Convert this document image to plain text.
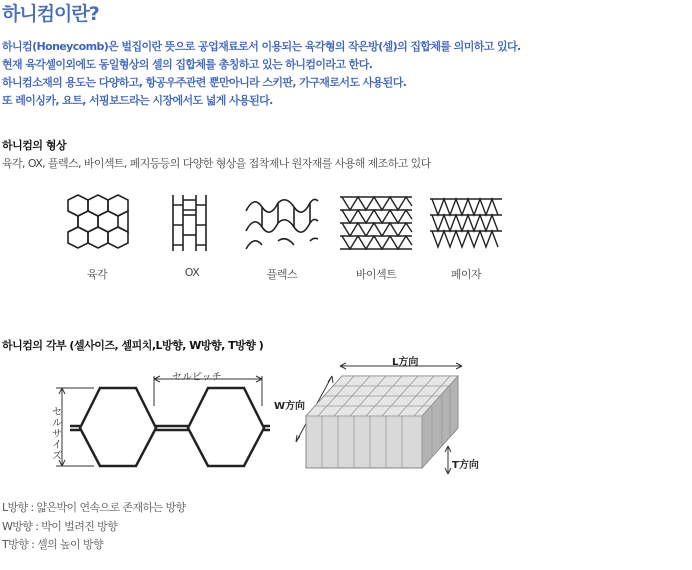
하니컴이란?
하니컴(Honeycomb)은 벌집이란 뜻으로 공업재료로서 이용되는 육각형의 작은방(셀)의 집합체를 의미하고 있다.
현재 육각셀이외에도 동일형상의 셀의 집합체를 총칭하고 있는 하니컴이라고 한다.
하니컴소재의 용도는 다양하고, 항공우주관련 뿐만아니라 스키판, 가구재로서도 사용된다.
또 레이싱카, 요트, 서핑보드라는 시장에서도 넓게 사용된다.
하니컴의 형상
육각, OX, 플렉스, 바이섹트, 페지등등의 다양한 형상을 접착제나 원자재를 사용해 제조하고 있다
육각	OX	플렉스	바이섹트	페이자
하니컴의 각부 (셀사이즈, 셀피치,L방향, W방향, T방향 )
セルピッチ
セルサイズ
L方向
W方向
T方向
L방향 : 얇은박이 연속으로 존재하는 방향
W방향 : 박이 벌려진 방향
T방향 : 셀의 높이 방향
